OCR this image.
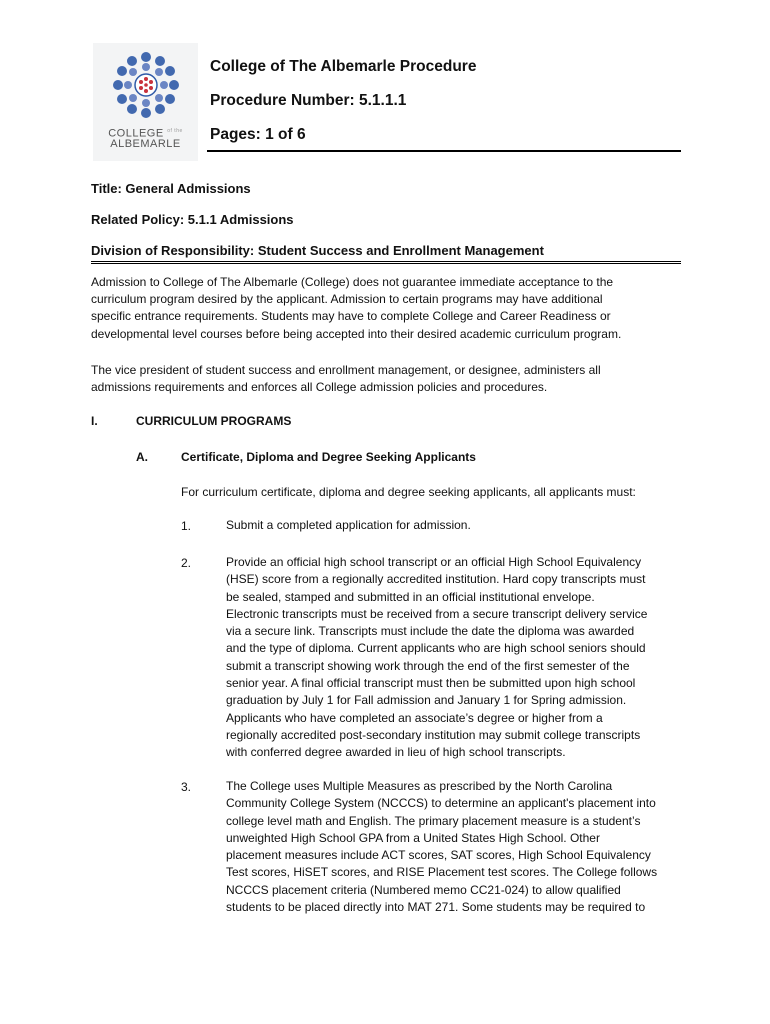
COLLEGE $^{of the}$
ALBEMARLE
College of The Albemarle Procedure
Procedure Number: 5.1.1.1
Pages: 1 of 6
Title: General Admissions
Related Policy: 5.1.1 Admissions
Division of Responsibility: Student Success and Enrollment Management
Admission to College of The Albemarle (College) does not guarantee immediate acceptance to the
curriculum program desired by the applicant. Admission to certain programs may have additional
specific entrance requirements. Students may have to complete College and Career Readiness or
developmental level courses before being accepted into their desired academic curriculum program.
The vice president of student success and enrollment management, or designee, administers all
admissions requirements and enforces all College admission policies and procedures.
I.	CURRICULUM PROGRAMS
A.	Certificate, Diploma and Degree Seeking Applicants
For curriculum certificate, diploma and degree seeking applicants, all applicants must:
1.	Submit a completed application for admission.
2.	Provide an official high school transcript or an official High School Equivalency
(HSE) score from a regionally accredited institution. Hard copy transcripts must
be sealed, stamped and submitted in an official institutional envelope.
Electronic transcripts must be received from a secure transcript delivery service
via a secure link. Transcripts must include the date the diploma was awarded
and the type of diploma. Current applicants who are high school seniors should
submit a transcript showing work through the end of the first semester of the
senior year. A final official transcript must then be submitted upon high school
graduation by July 1 for Fall admission and January 1 for Spring admission.
Applicants who have completed an associate’s degree or higher from a
regionally accredited post-secondary institution may submit college transcripts
with conferred degree awarded in lieu of high school transcripts.
3.	The College uses Multiple Measures as prescribed by the North Carolina
Community College System (NCCCS) to determine an applicant's placement into
college level math and English. The primary placement measure is a student’s
unweighted High School GPA from a United States High School. Other
placement measures include ACT scores, SAT scores, High School Equivalency
Test scores, HiSET scores, and RISE Placement test scores. The College follows
NCCCS placement criteria (Numbered memo CC21-024) to allow qualified
students to be placed directly into MAT 271. Some students may be required to
